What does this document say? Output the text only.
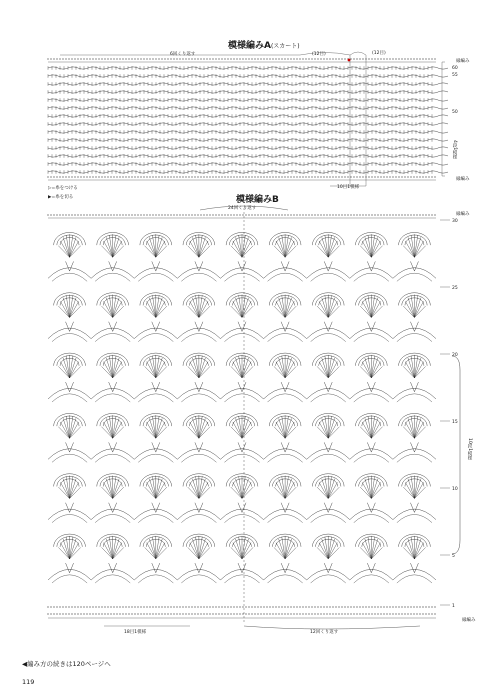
模様編みA(スカート)
6回くり返す	(12目)	(12目)
縁編み
60
55
50
4段1模様
縁編み
10目1模様
▷=糸をつける
▶=糸を切る	模様編みB
24回くり返す
縁編み
30
25
20
15
10段1模様
10
5
1
縁編み
18目1模様	12回くり返す
◀編み方の続きは120ページへ
119
